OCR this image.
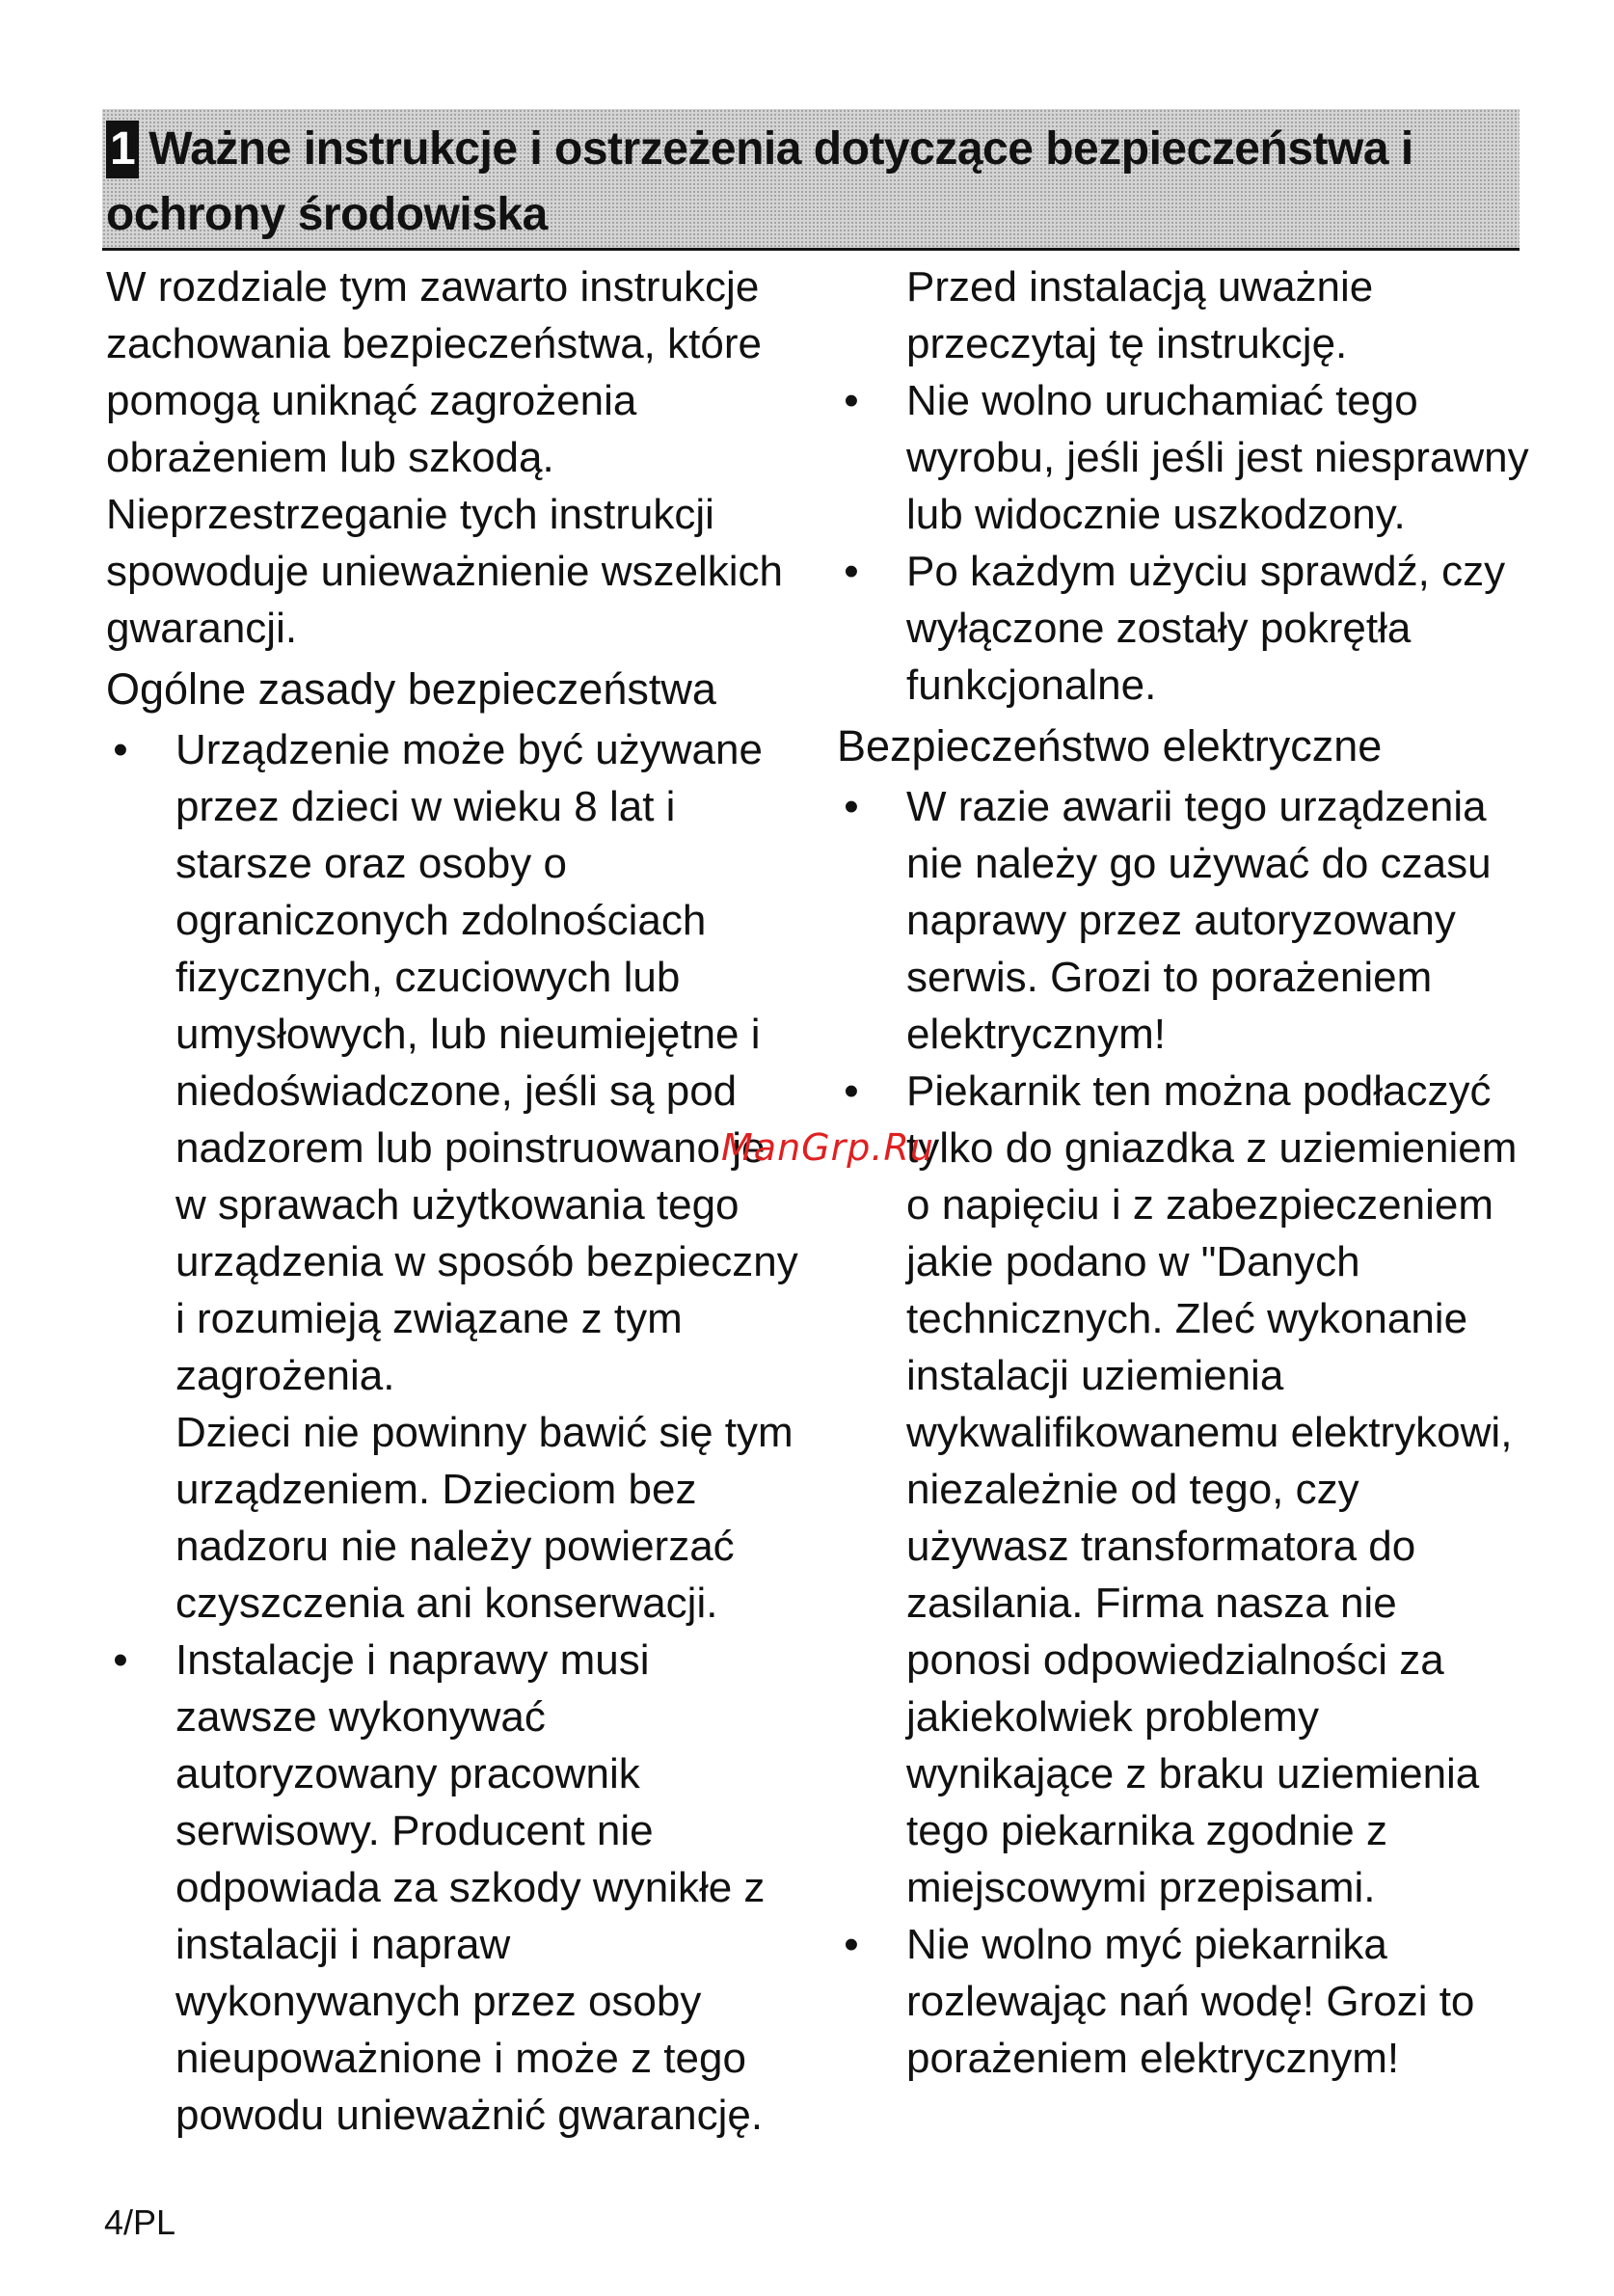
1 Ważne instrukcje i ostrzeżenia dotyczące bezpieczeństwa i ochrony środowiska

W rozdziale tym zawarto instrukcje zachowania bezpieczeństwa, które pomogą uniknąć zagrożenia obrażeniem lub szkodą. Nieprzestrzeganie tych instrukcji spowoduje unieważnienie wszelkich gwarancji.

Ogólne zasady bezpieczeństwa

• Urządzenie może być używane przez dzieci w wieku 8 lat i starsze oraz osoby o ograniczonych zdolnościach fizycznych, czuciowych lub umysłowych, lub nieumiejętne i niedoświadczone, jeśli są pod nadzorem lub poinstruowano je w sprawach użytkowania tego urządzenia w sposób bezpieczny i rozumieją związane z tym zagrożenia.

Dzieci nie powinny bawić się tym urządzeniem. Dzieciom bez nadzoru nie należy powierzać czyszczenia ani konserwacji.

• Instalacje i naprawy musi zawsze wykonywać autoryzowany pracownik serwisowy. Producent nie odpowiada za szkody wynikłe z instalacji i napraw wykonywanych przez osoby nieupoważnione i może z tego powodu unieważnić gwarancję.

Przed instalacją uważnie przeczytaj tę instrukcję.

• Nie wolno uruchamiać tego wyrobu, jeśli jeśli jest niesprawny lub widocznie uszkodzony.
• Po każdym użyciu sprawdź, czy wyłączone zostały pokrętła funkcjonalne.

Bezpieczeństwo elektryczne

• W razie awarii tego urządzenia nie należy go używać do czasu naprawy przez autoryzowany serwis. Grozi to porażeniem elektrycznym!
• Piekarnik ten można podłaczyć tylko do gniazdka z uziemieniem o napięciu i z zabezpieczeniem jakie podano w "Danych technicznych. Zleć wykonanie instalacji uziemienia wykwalifikowanemu elektrykowi, niezależnie od tego, czy używasz transformatora do zasilania. Firma nasza nie ponosi odpowiedzialności za jakiekolwiek problemy wynikające z braku uziemienia tego piekarnika zgodnie z miejscowymi przepisami.
• Nie wolno myć piekarnika rozlewając nań wodę! Grozi to porażeniem elektrycznym!
ManGrp.Ru
4/PL
